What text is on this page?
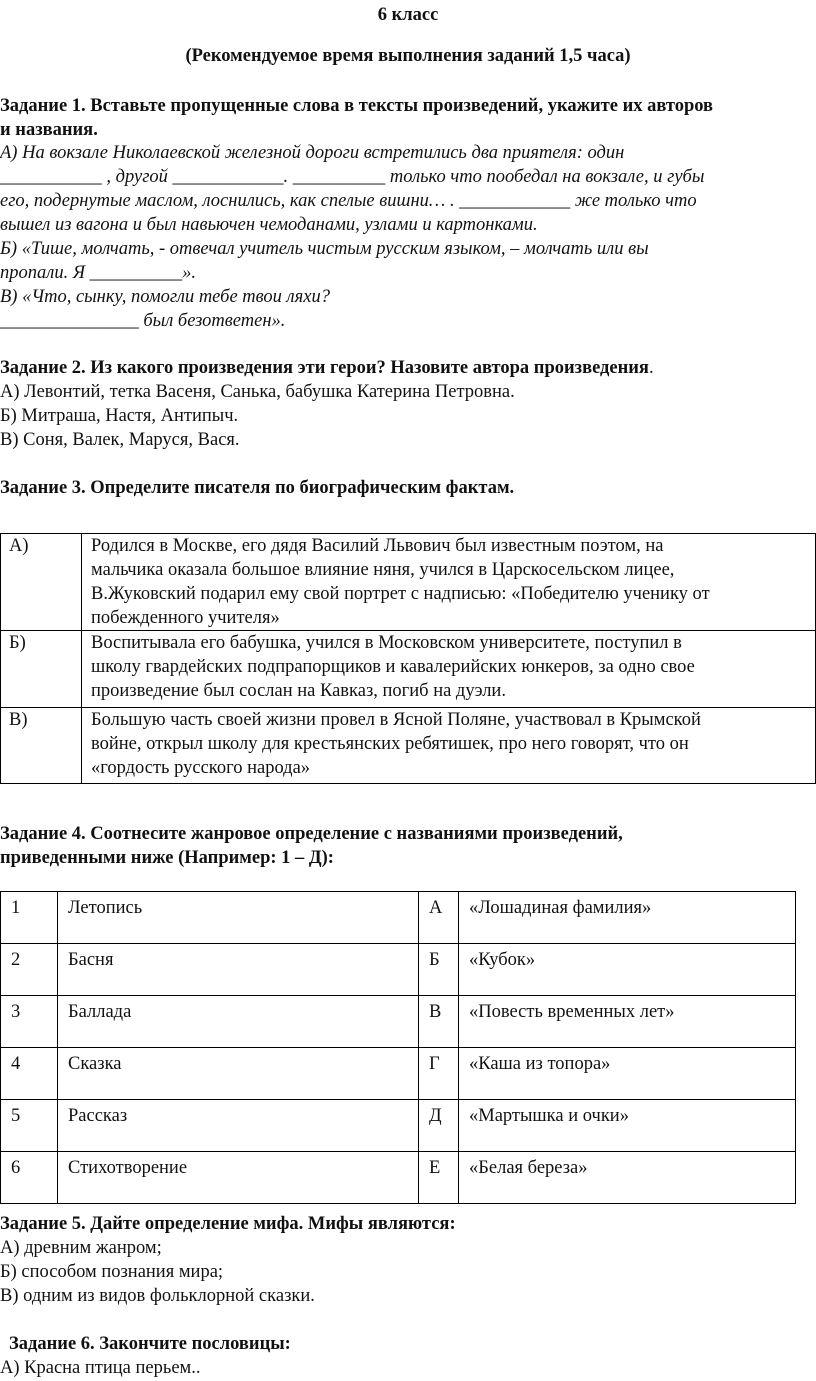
6 класс
(Рекомендуемое время выполнения заданий 1,5 часа)
Задание 1. Вставьте пропущенные слова в тексты произведений, укажите их авторов
и названия.
А) На вокзале Николаевской железной дороги встретились два приятеля: один
___________ , другой ____________. __________ только что пообедал на вокзале, и губы
его, подернутые маслом, лоснились, как спелые вишни… . ____________ же только что
вышел из вагона и был навьючен чемоданами, узлами и картонками.
Б) «Тише, молчать, - отвечал учитель чистым русским языком, – молчать или вы
пропали. Я __________».
В) «Что, сынку, помогли тебе твои ляхи?
_______________ был безответен».
Задание 2. Из какого произведения эти герои? Назовите автора произведения.
А) Левонтий, тетка Васеня, Санька, бабушка Катерина Петровна.
Б) Митраша, Настя, Антипыч.
В) Соня, Валек, Маруся, Вася.
Задание 3. Определите писателя по биографическим фактам.
А)	Родился в Москве, его дядя Василий Львович был известным поэтом, на
мальчика оказала большое влияние няня, учился в Царскосельском лицее,
В.Жуковский подарил ему свой портрет с надписью: «Победителю ученику от
побежденного учителя»

Б)	Воспитывала его бабушка, учился в Московском университете, поступил в
школу гвардейских подпрапорщиков и кавалерийских юнкеров, за одно свое
произведение был сослан на Кавказ, погиб на дуэли.

В)	Большую часть своей жизни провел в Ясной Поляне, участвовал в Крымской
войне, открыл школу для крестьянских ребятишек, про него говорят, что он
«гордость русского народа»
Задание 4. Соотнесите жанровое определение с названиями произведений,
приведенными ниже (Например: 1 – Д):
1	Летопись	А	«Лошадиная фамилия»
2	Басня	Б	«Кубок»
3	Баллада	В	«Повесть временных лет»
4	Сказка	Г	«Каша из топора»
5	Рассказ	Д	«Мартышка и очки»
6	Стихотворение	Е	«Белая береза»
Задание 5. Дайте определение мифа. Мифы являются:
А) древним жанром;
Б) способом познания мира;
В) одним из видов фольклорной сказки.
Задание 6. Закончите пословицы:
А) Красна птица перьем..
